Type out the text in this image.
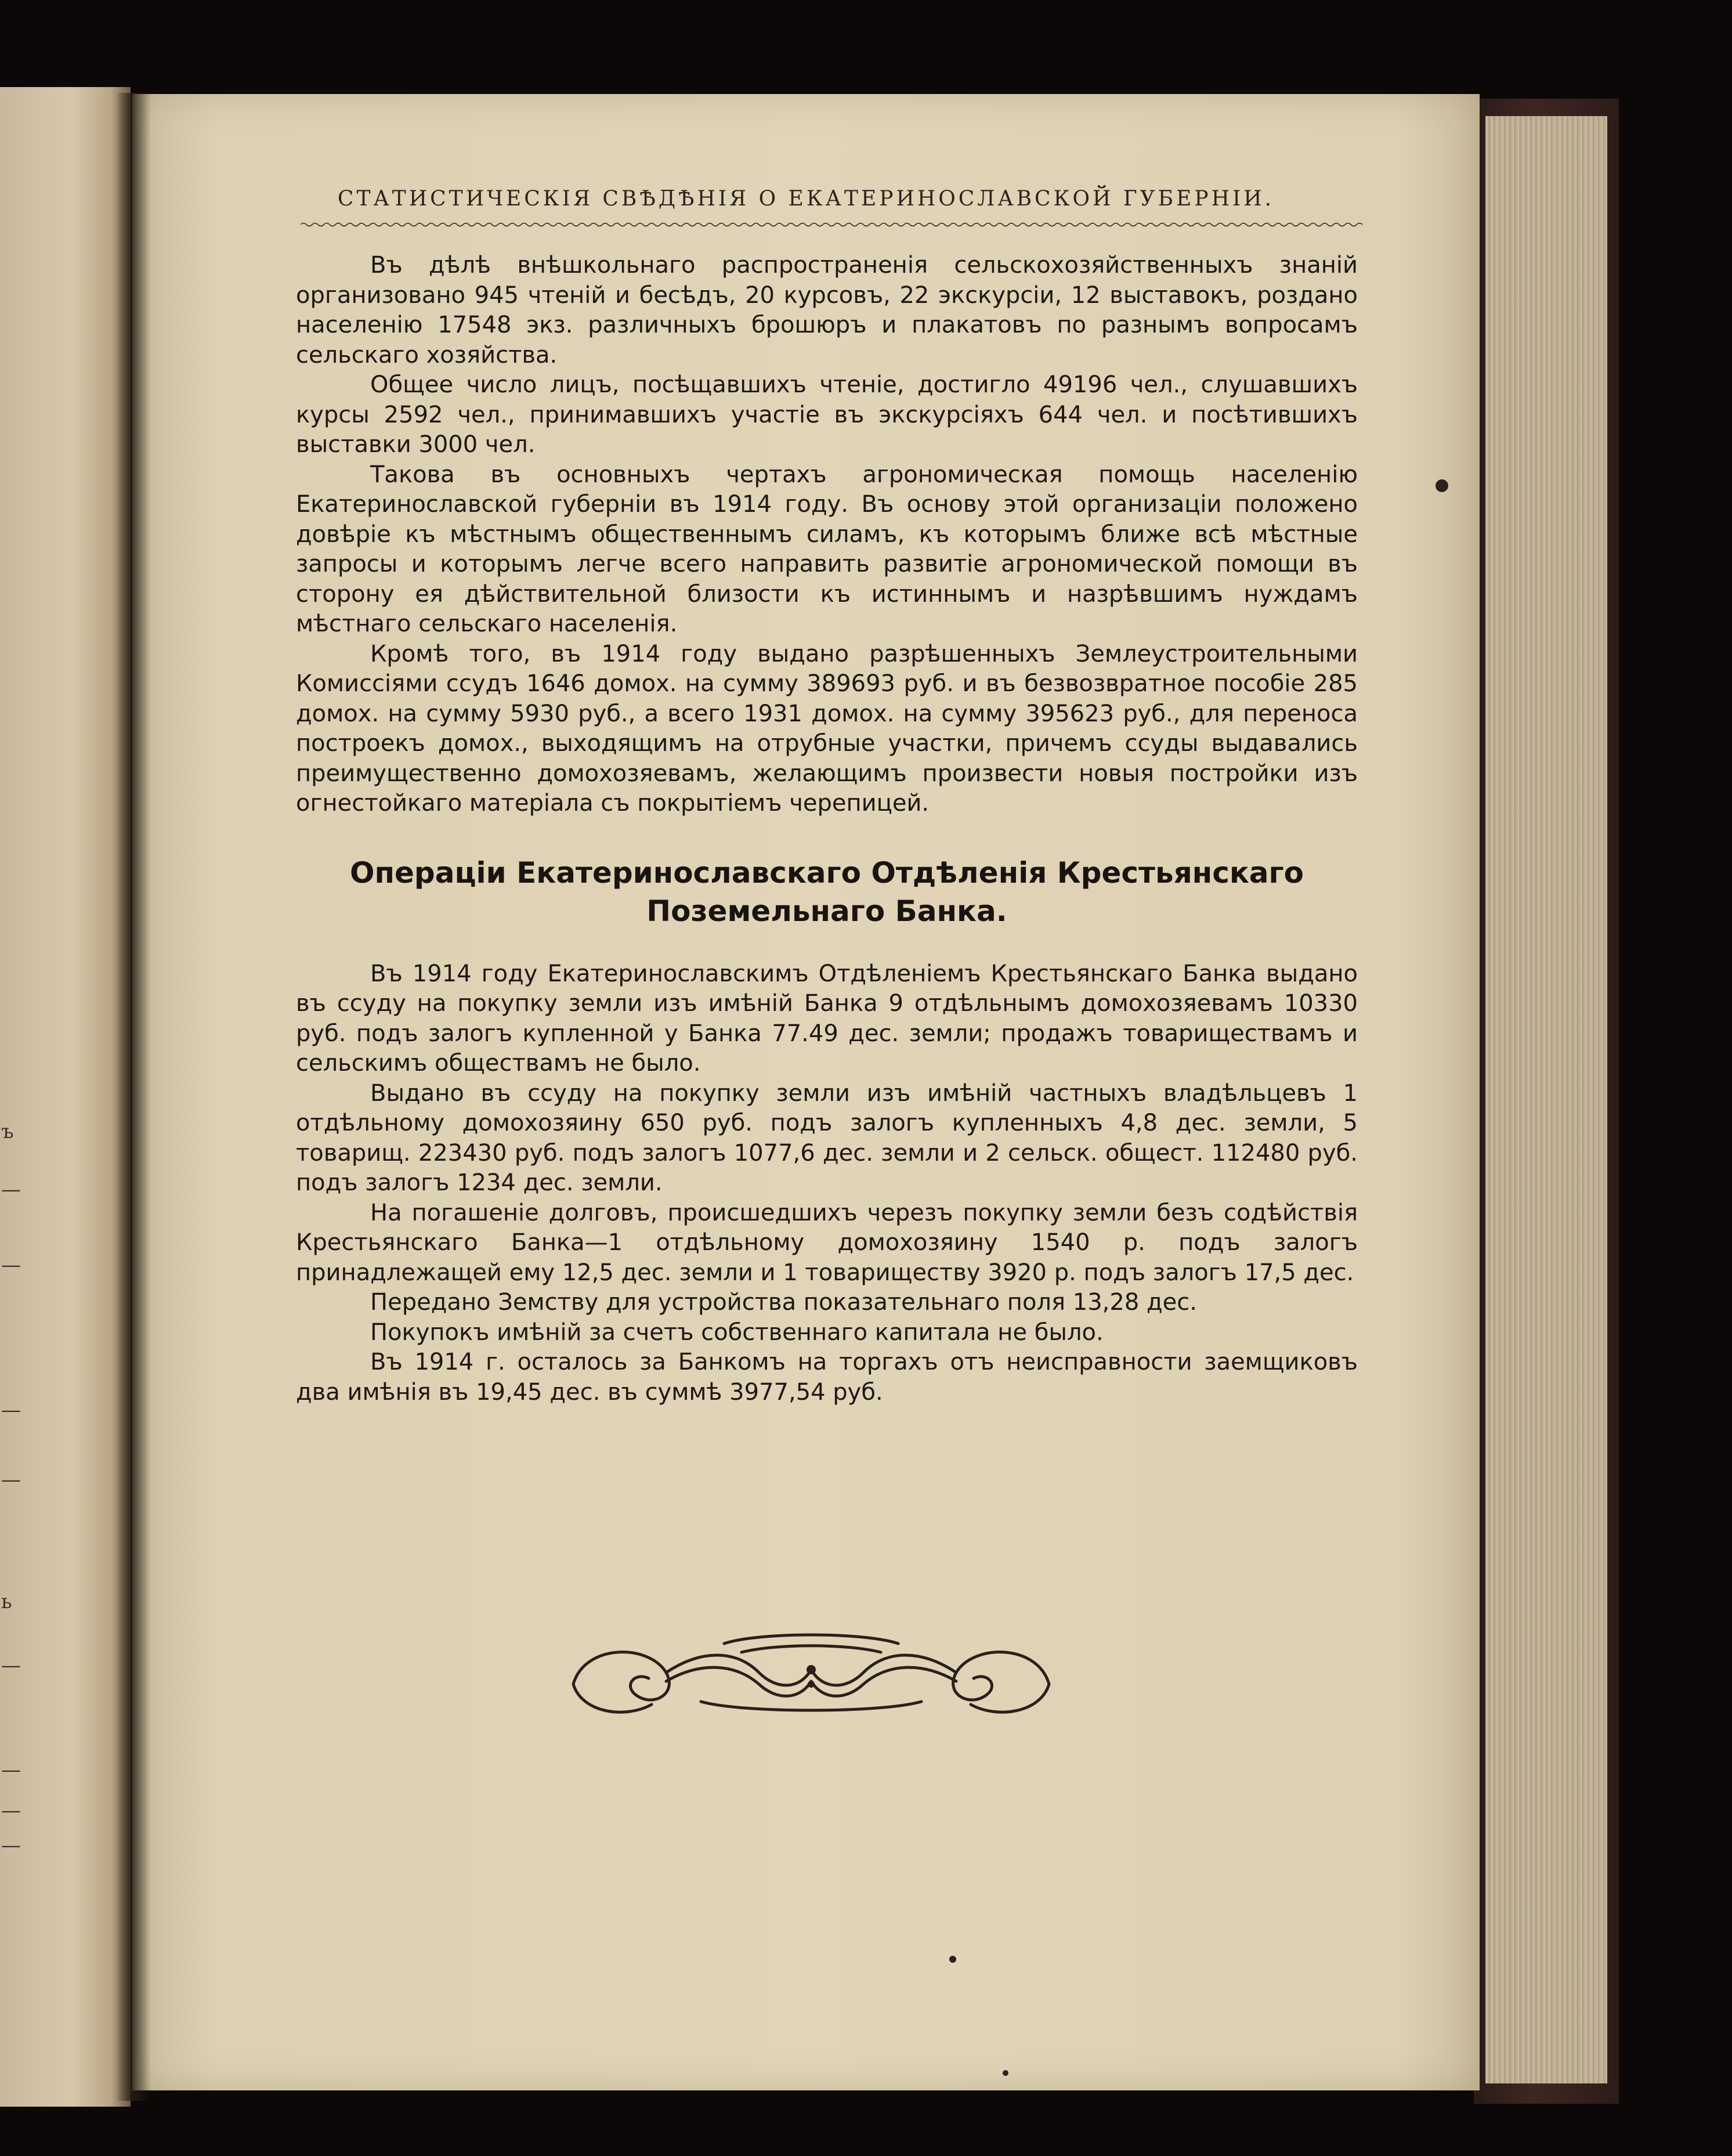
ъ
—
—
—
—
ь
—
—
—
—
СТАТИСТИЧЕСКІЯ СВѢДѢНІЯ О ЕКАТЕРИНОСЛАВСКОЙ ГУБЕРНІИ.

Въ дѣлѣ внѣшкольнаго распространенія сельскохозяйственныхъ знаній организовано 945 чтеній и бесѣдъ, 20 курсовъ, 22 экскурсіи, 12 выставокъ, роздано населенію 17548 экз. различныхъ брошюръ и плакатовъ по разнымъ вопросамъ сельскаго хозяйства.

Общее число лицъ, посѣщавшихъ чтеніе, достигло 49196 чел., слушавшихъ курсы 2592 чел., принимавшихъ участіе въ экскурсіяхъ 644 чел. и посѣтившихъ выставки 3000 чел.

Такова въ основныхъ чертахъ агрономическая помощь населенію Екатеринославской губерніи въ 1914 году. Въ основу этой организаціи положено довѣріе къ мѣстнымъ общественнымъ силамъ, къ которымъ ближе всѣ мѣстные запросы и которымъ легче всего направить развитіе агрономической помощи въ сторону ея дѣйствительной близости къ истиннымъ и назрѣвшимъ нуждамъ мѣстнаго сельскаго населенія.

Кромѣ того, въ 1914 году выдано разрѣшенныхъ Землеустроительными Комиссіями ссудъ 1646 домох. на сумму 389693 руб. и въ безвозвратное пособіе 285 домох. на сумму 5930 руб., а всего 1931 домох. на сумму 395623 руб., для переноса построекъ домох., выходящимъ на отрубные участки, причемъ ссуды выдавались преимущественно домохозяевамъ, желающимъ произвести новыя постройки изъ огнестойкаго матеріала съ покрытіемъ черепицей.

Операціи Екатеринославскаго Отдѣленія Крестьянскаго
Поземельнаго Банка.

Въ 1914 году Екатеринославскимъ Отдѣленіемъ Крестьянскаго Банка выдано въ ссуду на покупку земли изъ имѣній Банка 9 отдѣльнымъ домохозяевамъ 10330 руб. подъ залогъ купленной у Банка 77.49 дес. земли; продажъ товариществамъ и сельскимъ обществамъ не было.

Выдано въ ссуду на покупку земли изъ имѣній частныхъ владѣльцевъ 1 отдѣльному домохозяину 650 руб. подъ залогъ купленныхъ 4,8 дес. земли, 5 товарищ. 223430 руб. подъ залогъ 1077,6 дес. земли и 2 сельск. общест. 112480 руб. подъ залогъ 1234 дес. земли.

На погашеніе долговъ, происшедшихъ черезъ покупку земли безъ содѣйствія Крестьянскаго Банка—1 отдѣльному домохозяину 1540 р. подъ залогъ принадлежащей ему 12,5 дес. земли и 1 товариществу 3920 р. подъ залогъ 17,5 дес.

Передано Земству для устройства показательнаго поля 13,28 дес.

Покупокъ имѣній за счетъ собственнаго капитала не было.

Въ 1914 г. осталось за Банкомъ на торгахъ отъ неисправности заемщиковъ два имѣнія въ 19,45 дес. въ суммѣ 3977,54 руб.
